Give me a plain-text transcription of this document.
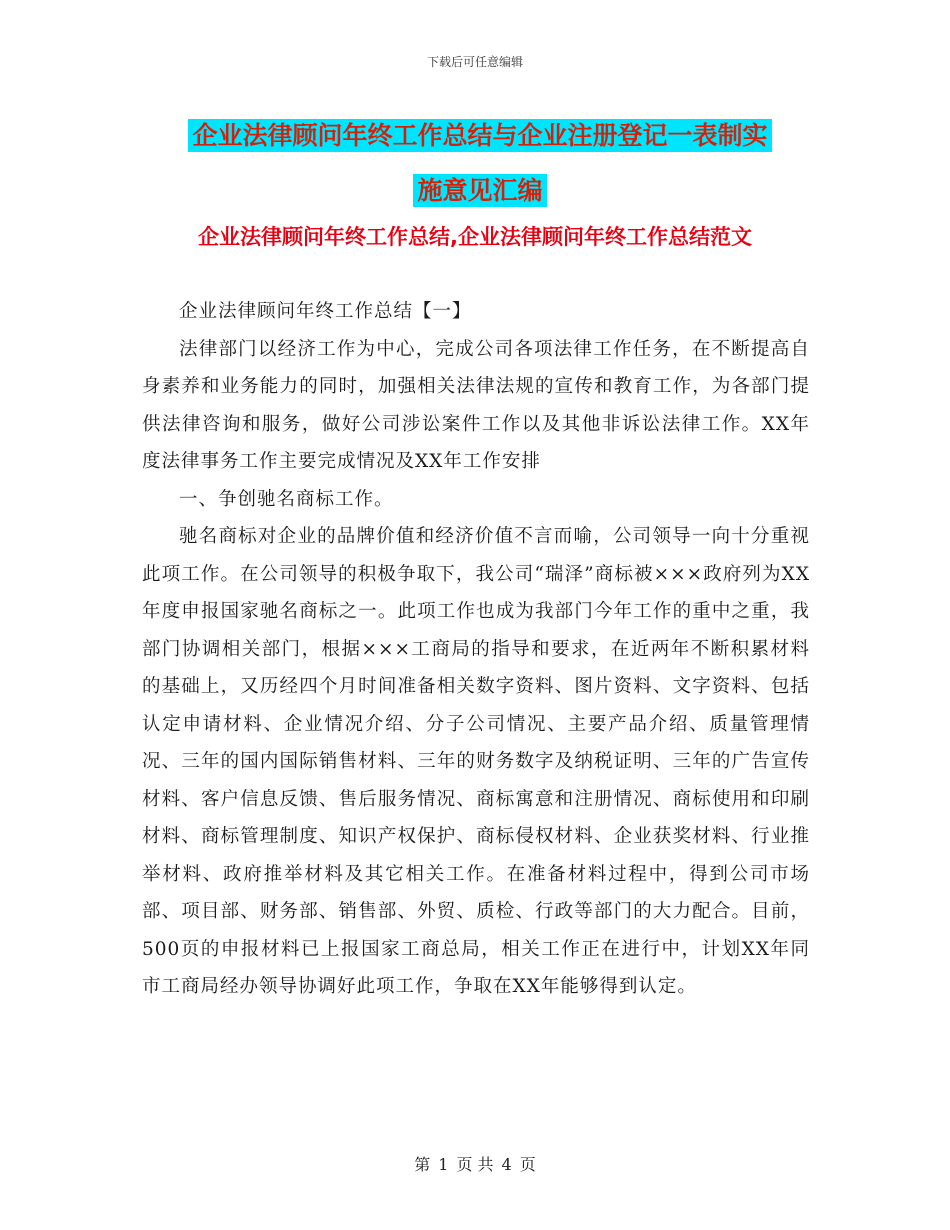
下载后可任意编辑
企业法律顾问年终工作总结与企业注册登记一表制实
施意见汇编
企业法律顾问年终工作总结,企业法律顾问年终工作总结范文

企业法律顾问年终工作总结【一】

法律部门以经济工作为中心，完成公司各项法律工作任务，在不断提高自身素养和业务能力的同时，加强相关法律法规的宣传和教育工作，为各部门提供法律咨询和服务，做好公司涉讼案件工作以及其他非诉讼法律工作。XX年度法律事务工作主要完成情况及XX年工作安排

一、争创驰名商标工作。

驰名商标对企业的品牌价值和经济价值不言而喻，公司领导一向十分重视此项工作。在公司领导的积极争取下，我公司“瑞泽”商标被×××政府列为XX年度申报国家驰名商标之一。此项工作也成为我部门今年工作的重中之重，我部门协调相关部门，根据×××工商局的指导和要求，在近两年不断积累材料的基础上，又历经四个月时间准备相关数字资料、图片资料、文字资料、包括认定申请材料、企业情况介绍、分子公司情况、主要产品介绍、质量管理情况、三年的国内国际销售材料、三年的财务数字及纳税证明、三年的广告宣传材料、客户信息反馈、售后服务情况、商标寓意和注册情况、商标使用和印刷材料、商标管理制度、知识产权保护、商标侵权材料、企业获奖材料、行业推举材料、政府推举材料及其它相关工作。在准备材料过程中，得到公司市场部、项目部、财务部、销售部、外贸、质检、行政等部门的大力配合。目前，500页的申报材料已上报国家工商总局，相关工作正在进行中，计划XX年同市工商局经办领导协调好此项工作，争取在XX年能够得到认定。

第 1 页 共 4 页
